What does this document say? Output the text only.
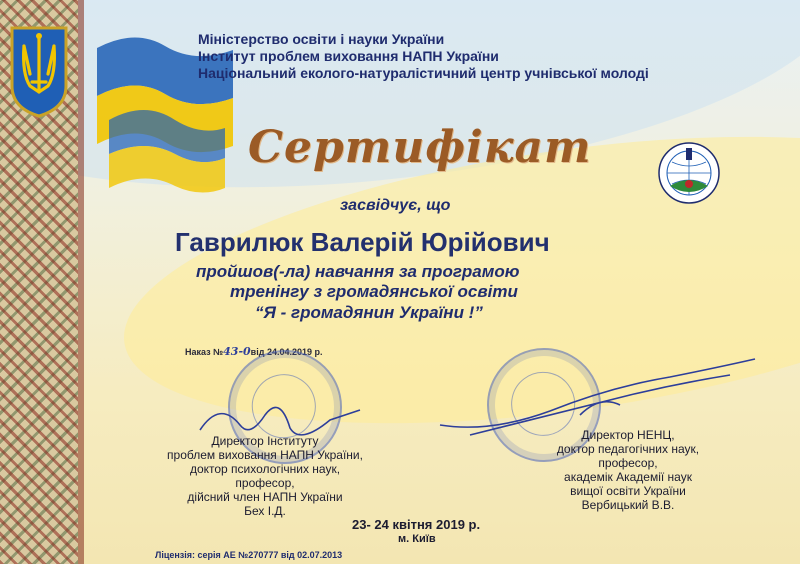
Міністерство освіти і науки України

Інститут проблем виховання НАПН України

Національний еколого-натуралістичний центр учнівської молоді

Сертифікат

засвідчує, що

Гаврилюк Валерій Юрійович

пройшов(-ла) навчання за програмою

тренінгу з громадянської освіти

“Я - громадянин України !”

Наказ №43-0від 24.04.2019 р.

Директор Інституту
проблем виховання НАПН України,
доктор психологічних наук,
професор,
дійсний член НАПН України
Бех І.Д.
Директор НЕНЦ,
доктор педагогічних наук,
професор,
академік Академії наук
вищої освіти України
Вербицький В.В.

23- 24 квітня 2019 р.

м. Київ

Ліцензія: серія АЕ №270777 від 02.07.2013
